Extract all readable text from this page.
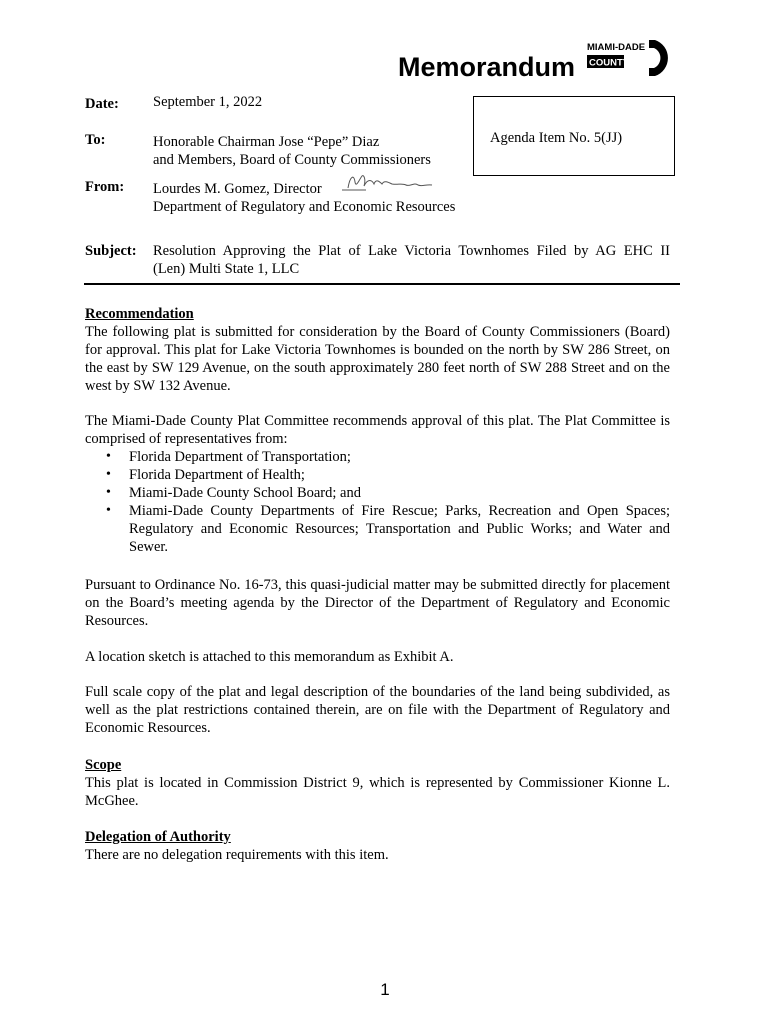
Memorandum
MIAMI-DADE
COUNTY
Date: September 1, 2022
To:	Honorable Chairman Jose “Pepe” Diaz
and Members, Board of County Commissioners
From: Lourdes M. Gomez, Director
Department of Regulatory and Economic Resources
Agenda Item No. 5(JJ)
Subject: Resolution Approving the Plat of Lake Victoria Townhomes Filed by AG EHC II
(Len) Multi State 1, LLC
Recommendation
The following plat is submitted for consideration by the Board of County Commissioners (Board) for approval. This plat for Lake Victoria Townhomes is bounded on the north by SW 286 Street, on the east by SW 129 Avenue, on the south approximately 280 feet north of SW 288 Street and on the west by SW 132 Avenue.
The Miami-Dade County Plat Committee recommends approval of this plat. The Plat Committee is comprised of representatives from:
• Florida Department of Transportation;
• Florida Department of Health;
• Miami-Dade County School Board; and
• Miami-Dade County Departments of Fire Rescue; Parks, Recreation and Open Spaces; Regulatory and Economic Resources; Transportation and Public Works; and Water and Sewer.
Pursuant to Ordinance No. 16-73, this quasi-judicial matter may be submitted directly for placement on the Board’s meeting agenda by the Director of the Department of Regulatory and Economic Resources.
A location sketch is attached to this memorandum as Exhibit A.
Full scale copy of the plat and legal description of the boundaries of the land being subdivided, as well as the plat restrictions contained therein, are on file with the Department of Regulatory and Economic Resources.
Scope
This plat is located in Commission District 9, which is represented by Commissioner Kionne L. McGhee.
Delegation of Authority
There are no delegation requirements with this item.
1
